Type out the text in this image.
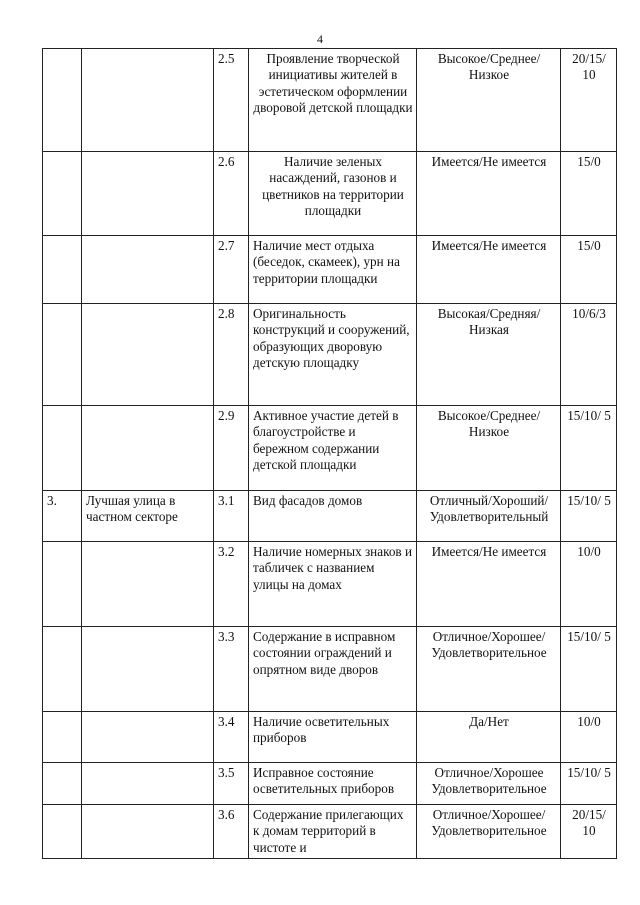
4
		2.5	Проявление творческой инициативы жителей в эстетическом оформлении дворовой детской площадки	Высокое/Среднее/ Низкое	20/15/ 10
		2.6	Наличие зеленых насаждений, газонов и цветников на территории площадки	Имеется/Не имеется	15/0
		2.7	Наличие мест отдыха (беседок, скамеек), урн на территории площадки	Имеется/Не имеется	15/0
		2.8	Оригинальность конструкций и сооружений, образующих дворовую детскую площадку	Высокая/Средняя/ Низкая	10/6/3
		2.9	Активное участие детей в благоустройстве и бережном содержании детской площадки	Высокое/Среднее/ Низкое	15/10/ 5
3.	Лучшая улица в частном секторе	3.1	Вид фасадов домов	Отличный/Хороший/ Удовлетворительный	15/10/ 5
		3.2	Наличие номерных знаков и табличек с названием улицы на домах	Имеется/Не имеется	10/0
		3.3	Содержание в исправном состоянии ограждений и опрятном виде дворов	Отличное/Хорошее/ Удовлетворительное	15/10/ 5
		3.4	Наличие осветительных приборов	Да/Нет	10/0
		3.5	Исправное состояние осветительных приборов	Отличное/Хорошее Удовлетворительное	15/10/ 5
		3.6	Содержание прилегающих к домам территорий в чистоте и	Отличное/Хорошее/ Удовлетворительное	20/15/ 10
